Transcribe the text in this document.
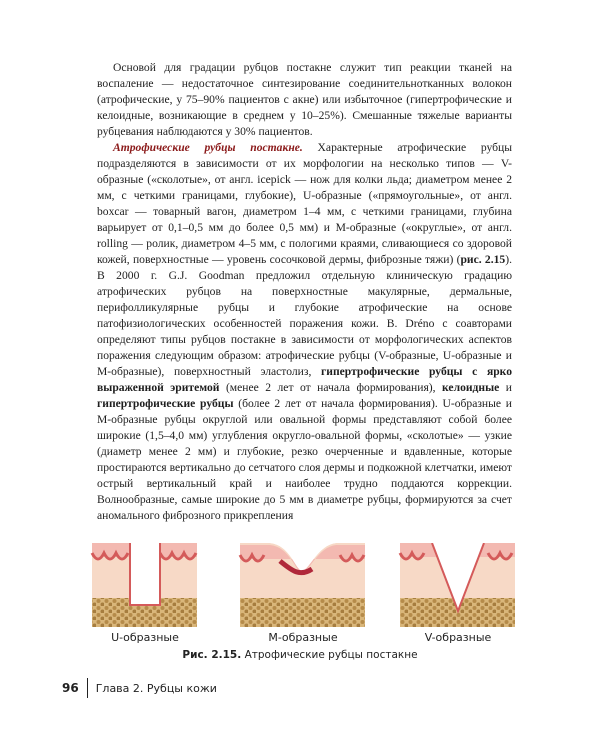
Основой для градации рубцов постакне служит тип реакции тканей на воспаление — недостаточное синтезирование соединительнотканных волокон (атрофические, у 75–90% пациентов с акне) или избыточное (гипертрофические и келоидные, возникающие в среднем у 10–25%). Смешанные тяжелые варианты рубцевания наблюдаются у 30% пациентов.

Атрофические рубцы постакне. Характерные атрофические рубцы подразделяются в зависимости от их морфологии на несколько типов — V-образные («сколотые», от англ. icepick — нож для колки льда; диаметром менее 2 мм, с четкими границами, глубокие), U-образные («прямоугольные», от англ. boxcar — товарный вагон, диаметром 1–4 мм, с четкими границами, глубина варьирует от 0,1–0,5 мм до более 0,5 мм) и М-образные («округлые», от англ. rolling — ролик, диаметром 4–5 мм, с пологими краями, сливающиеся со здоровой кожей, поверхностные — уровень сосочковой дермы, фиброзные тяжи) (рис. 2.15). В 2000 г. G.J. Goodman предложил отдельную клиническую градацию атрофических рубцов на поверхностные макулярные, дермальные, перифолликулярные рубцы и глубокие атрофические на основе патофизиологических особенностей поражения кожи. B. Dréno с соавторами определяют типы рубцов постакне в зависимости от морфологических аспектов поражения следующим образом: атрофические рубцы (V-образные, U-образные и М-образные), поверхностный эластолиз, гипертрофические рубцы с ярко выраженной эритемой (менее 2 лет от начала формирования), келоидные и гипертрофические рубцы (более 2 лет от начала формирования). U-образные и М-образные рубцы округлой или овальной формы представляют собой более широкие (1,5–4,0 мм) углубления округло-овальной формы, «сколотые» — узкие (диаметр менее 2 мм) и глубокие, резко очерченные и вдавленные, которые простираются вертикально до сетчатого слоя дермы и подкожной клетчатки, имеют острый вертикальный край и наиболее трудно поддаются коррекции. Волнообразные, самые широкие до 5 мм в диаметре рубцы, формируются за счет аномального фиброзного прикрепления

U-образные	М-образные	V-образные
Рис. 2.15. Атрофические рубцы постакне
96 Глава 2. Рубцы кожи
